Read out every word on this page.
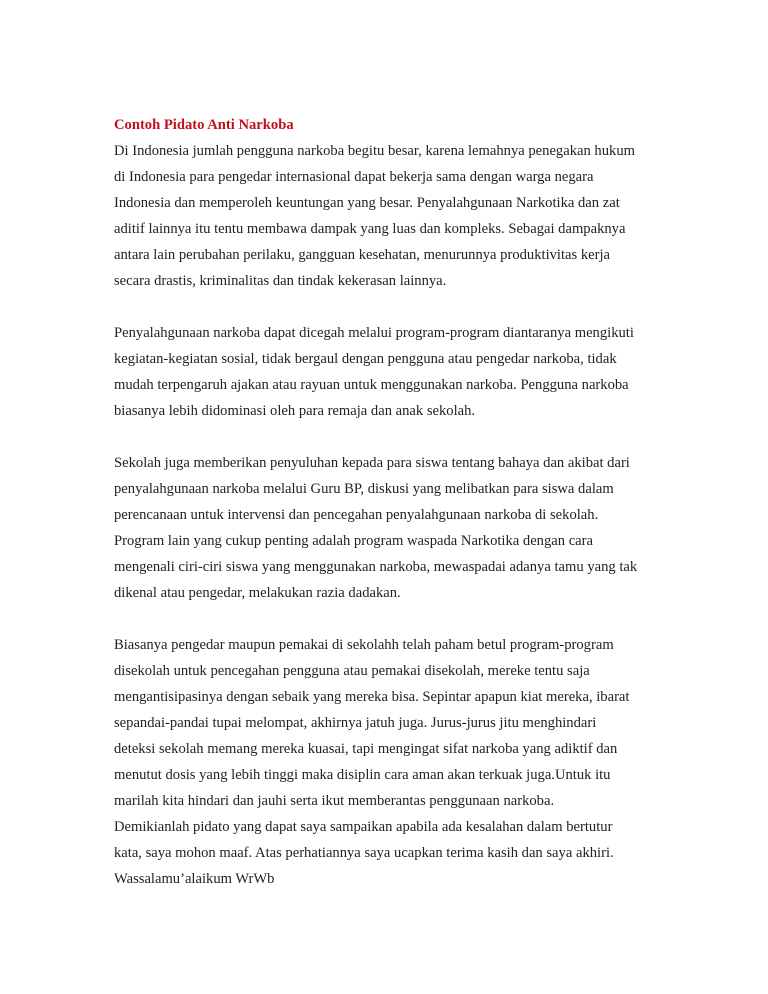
Contoh Pidato Anti Narkoba

Di Indonesia jumlah pengguna narkoba begitu besar, karena lemahnya penegakan hukum

di Indonesia para pengedar internasional dapat bekerja sama dengan warga negara

Indonesia dan memperoleh keuntungan yang besar. Penyalahgunaan Narkotika dan zat

aditif lainnya itu tentu membawa dampak yang luas dan kompleks. Sebagai dampaknya

antara lain perubahan perilaku, gangguan kesehatan, menurunnya produktivitas kerja

secara drastis, kriminalitas dan tindak kekerasan lainnya.

Penyalahgunaan narkoba dapat dicegah melalui program-program diantaranya mengikuti

kegiatan-kegiatan sosial, tidak bergaul dengan pengguna atau pengedar narkoba, tidak

mudah terpengaruh ajakan atau rayuan untuk menggunakan narkoba. Pengguna narkoba

biasanya lebih didominasi oleh para remaja dan anak sekolah.

Sekolah juga memberikan penyuluhan kepada para siswa tentang bahaya dan akibat dari

penyalahgunaan narkoba melalui Guru BP, diskusi yang melibatkan para siswa dalam

perencanaan untuk intervensi dan pencegahan penyalahgunaan narkoba di sekolah.

Program lain yang cukup penting adalah program waspada Narkotika dengan cara

mengenali ciri-ciri siswa yang menggunakan narkoba, mewaspadai adanya tamu yang tak

dikenal atau pengedar, melakukan razia dadakan.

Biasanya pengedar maupun pemakai di sekolahh telah paham betul program-program

disekolah untuk pencegahan pengguna atau pemakai disekolah, mereke tentu saja

mengantisipasinya dengan sebaik yang mereka bisa. Sepintar apapun kiat mereka, ibarat

sepandai-pandai tupai melompat, akhirnya jatuh juga. Jurus-jurus jitu menghindari

deteksi sekolah memang mereka kuasai, tapi mengingat sifat narkoba yang adiktif dan

menutut dosis yang lebih tinggi maka disiplin cara aman akan terkuak juga.Untuk itu

marilah kita hindari dan jauhi serta ikut memberantas penggunaan narkoba.

Demikianlah pidato yang dapat saya sampaikan apabila ada kesalahan dalam bertutur

kata, saya mohon maaf. Atas perhatiannya saya ucapkan terima kasih dan saya akhiri.

Wassalamu’alaikum WrWb
